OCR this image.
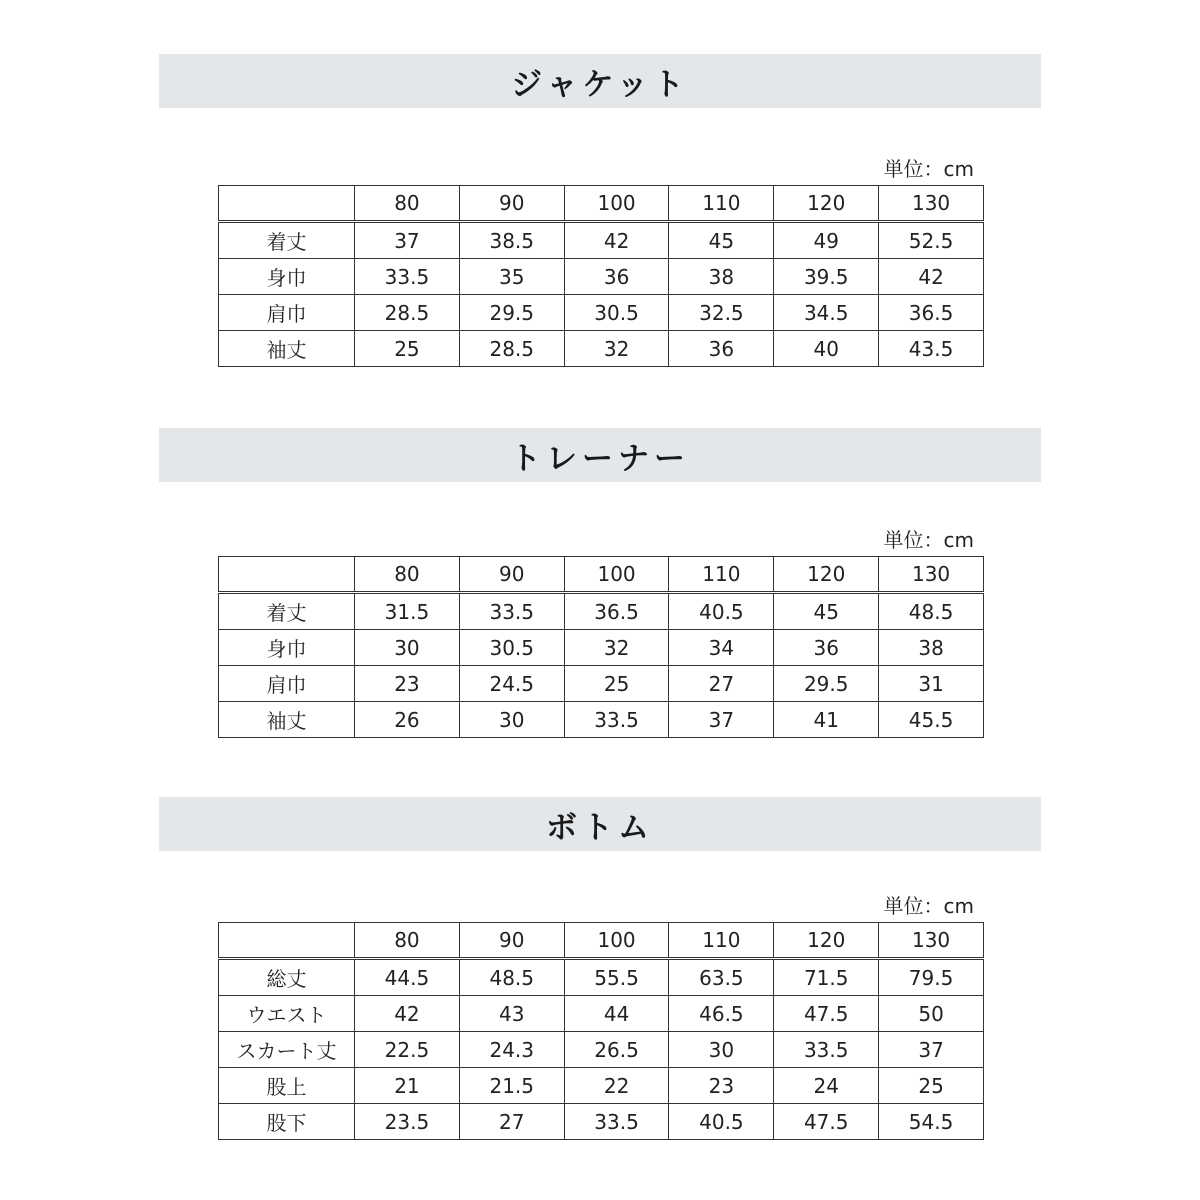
ジャケット
単位：cm
	80	90	100	110	120	130
着丈	37	38.5	42	45	49	52.5
身巾	33.5	35	36	38	39.5	42
肩巾	28.5	29.5	30.5	32.5	34.5	36.5
袖丈	25	28.5	32	36	40	43.5
トレーナー
単位：cm
	80	90	100	110	120	130
着丈	31.5	33.5	36.5	40.5	45	48.5
身巾	30	30.5	32	34	36	38
肩巾	23	24.5	25	27	29.5	31
袖丈	26	30	33.5	37	41	45.5
ボトム
単位：cm
	80	90	100	110	120	130
総丈	44.5	48.5	55.5	63.5	71.5	79.5
ウエスト	42	43	44	46.5	47.5	50
スカート丈	22.5	24.3	26.5	30	33.5	37
股上	21	21.5	22	23	24	25
股下	23.5	27	33.5	40.5	47.5	54.5
